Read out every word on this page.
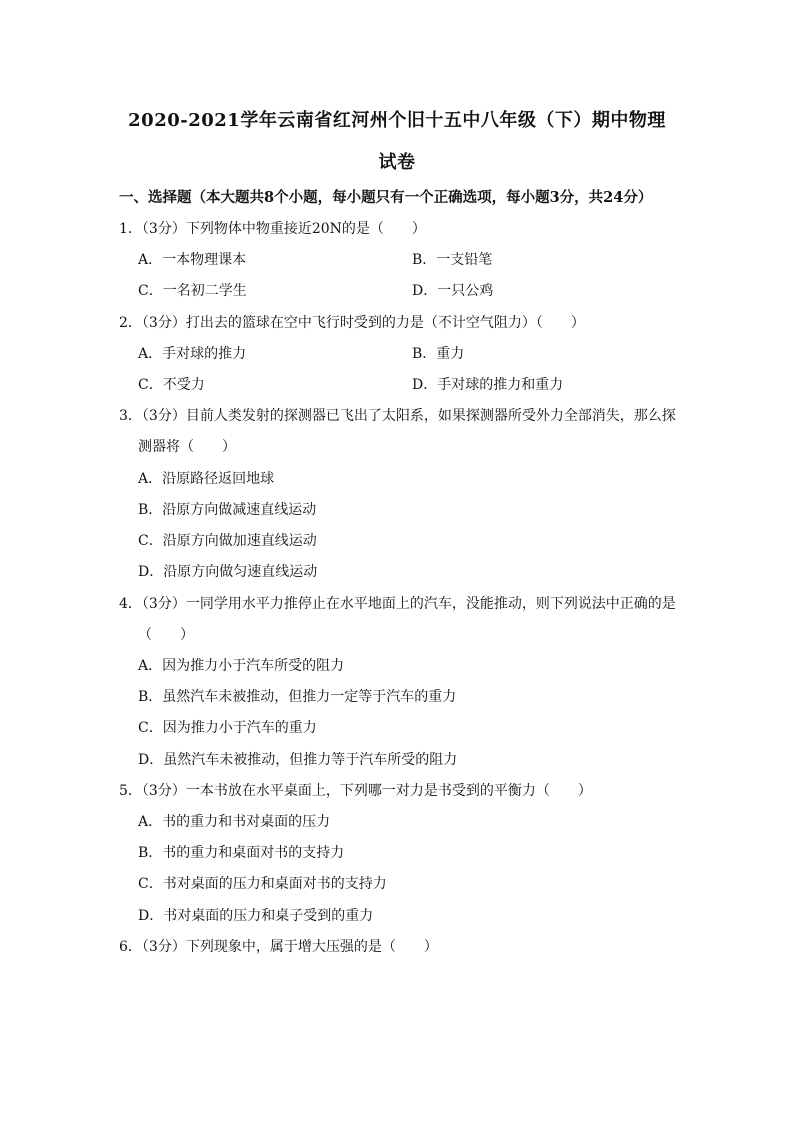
2020-2021学年云南省红河州个旧十五中八年级（下）期中物理
试卷
一、选择题（本大题共8个小题，每小题只有一个正确选项，每小题3分，共24分）
1．（3分）下列物体中物重接近20N的是（　　）
A．一本物理课本	B．一支铅笔
C．一名初二学生	D．一只公鸡
2．（3分）打出去的篮球在空中飞行时受到的力是（不计空气阻力）（　　）
A．手对球的推力	B．重力
C．不受力	D．手对球的推力和重力
3．（3分）目前人类发射的探测器已飞出了太阳系，如果探测器所受外力全部消失，那么探
测器将（　　）
A．沿原路径返回地球
B．沿原方向做减速直线运动
C．沿原方向做加速直线运动
D．沿原方向做匀速直线运动
4．（3分）一同学用水平力推停止在水平地面上的汽车，没能推动，则下列说法中正确的是
（　　）
A．因为推力小于汽车所受的阻力
B．虽然汽车未被推动，但推力一定等于汽车的重力
C．因为推力小于汽车的重力
D．虽然汽车未被推动，但推力等于汽车所受的阻力
5．（3分）一本书放在水平桌面上，下列哪一对力是书受到的平衡力（　　）
A．书的重力和书对桌面的压力
B．书的重力和桌面对书的支持力
C．书对桌面的压力和桌面对书的支持力
D．书对桌面的压力和桌子受到的重力
6．（3分）下列现象中，属于增大压强的是（　　）
